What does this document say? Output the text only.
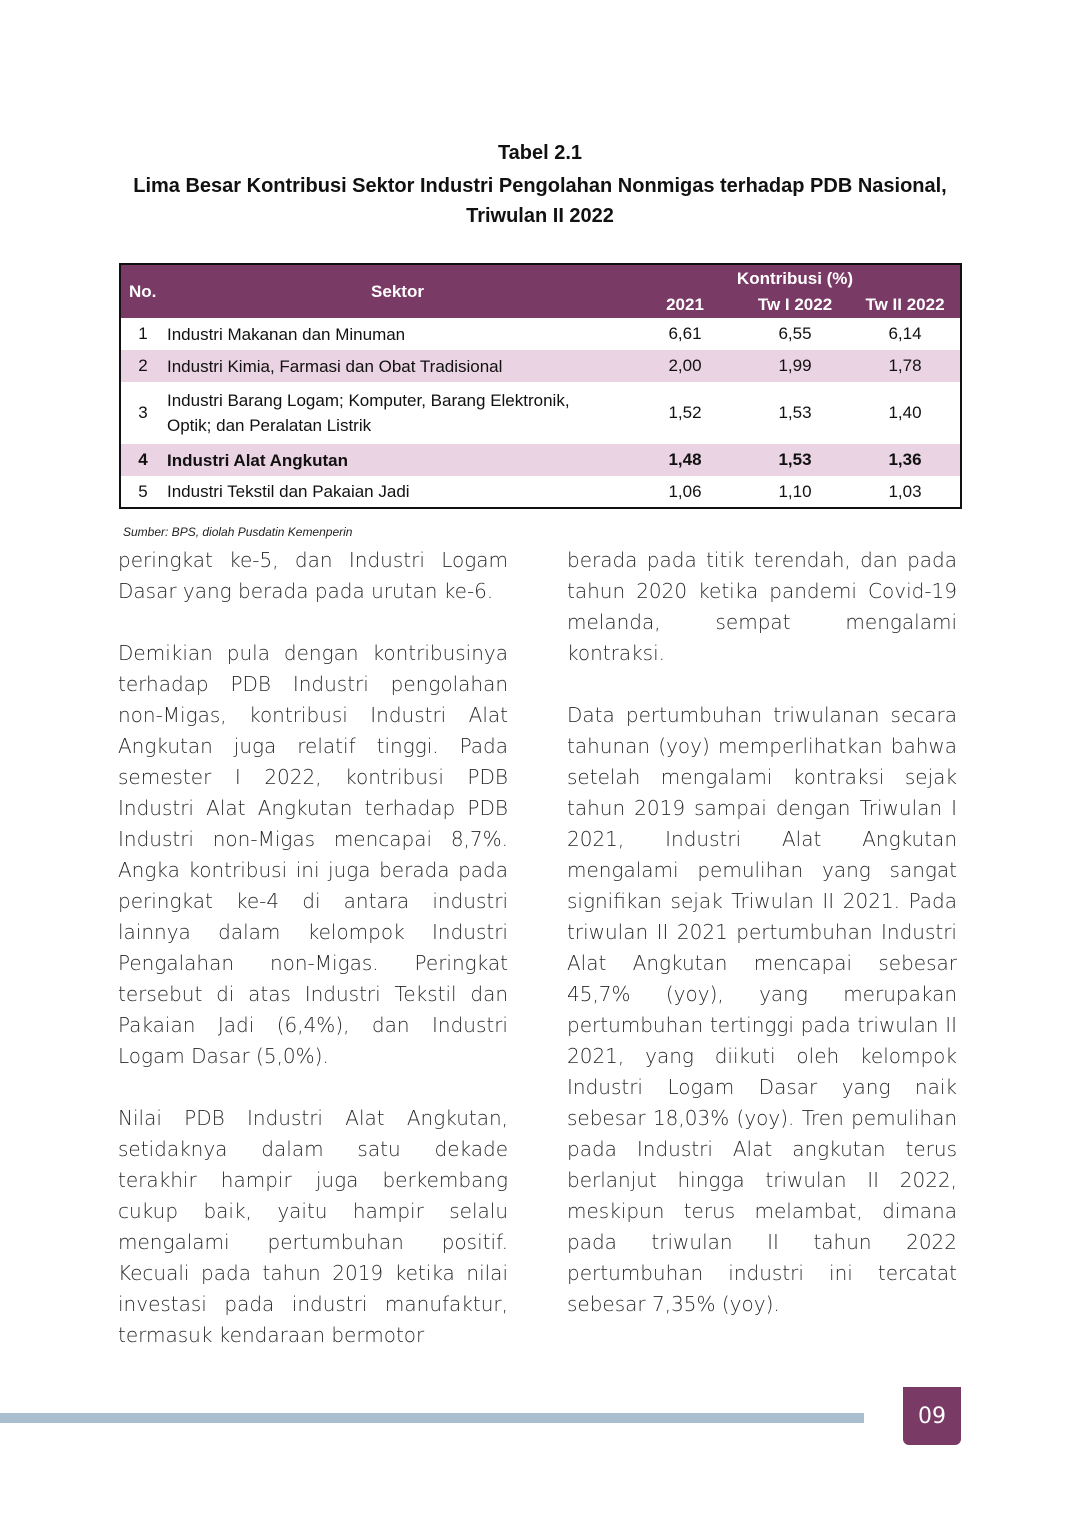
Tabel 2.1
Lima Besar Kontribusi Sektor Industri Pengolahan Nonmigas terhadap PDB Nasional,
Triwulan II 2022
No.	Sektor	Kontribusi (%)		
		2021	Tw I 2022	Tw II 2022
1	Industri Makanan dan Minuman	6,61	6,55	6,14
2	Industri Kimia, Farmasi dan Obat Tradisional	2,00	1,99	1,78
3	Industri Barang Logam; Komputer, Barang Elektronik,
Optik; dan Peralatan Listrik	1,52	1,53	1,40
4	Industri Alat Angkutan	1,48	1,53	1,36
5	Industri Tekstil dan Pakaian Jadi	1,06	1,10	1,03
Sumber: BPS, diolah Pusdatin Kemenperin

peringkat ke-5, dan Industri Logam Dasar yang berada pada urutan ke-6.

Demikian pula dengan kontribusinya terhadap PDB Industri pengolahan non-Migas, kontribusi Industri Alat Angkutan juga relatif tinggi. Pada semester I 2022, kontribusi PDB Industri Alat Angkutan terhadap PDB Industri non-Migas mencapai 8,7%. Angka kontribusi ini juga berada pada peringkat ke-4 di antara industri lainnya dalam kelompok Industri Pengalahan non-Migas. Peringkat tersebut di atas Industri Tekstil dan Pakaian Jadi (6,4%), dan Industri Logam Dasar (5,0%).

Nilai PDB Industri Alat Angkutan, setidaknya dalam satu dekade terakhir hampir juga berkembang cukup baik, yaitu hampir selalu mengalami pertumbuhan positif. Kecuali pada tahun 2019 ketika nilai investasi pada industri manufaktur, termasuk kendaraan bermotor

berada pada titik terendah, dan pada tahun 2020 ketika pandemi Covid-19 melanda, sempat mengalami kontraksi.

Data pertumbuhan triwulanan secara tahunan (yoy) memperlihatkan bahwa setelah mengalami kontraksi sejak tahun 2019 sampai dengan Triwulan I 2021, Industri Alat Angkutan mengalami pemulihan yang sangat signifikan sejak Triwulan II 2021. Pada triwulan II 2021 pertumbuhan Industri Alat Angkutan mencapai sebesar 45,7% (yoy), yang merupakan pertumbuhan tertinggi pada triwulan II 2021, yang diikuti oleh kelompok Industri Logam Dasar yang naik sebesar 18,03% (yoy). Tren pemulihan pada Industri Alat angkutan terus berlanjut hingga triwulan II 2022, meskipun terus melambat, dimana pada triwulan II tahun 2022 pertumbuhan industri ini tercatat sebesar 7,35% (yoy).

09
